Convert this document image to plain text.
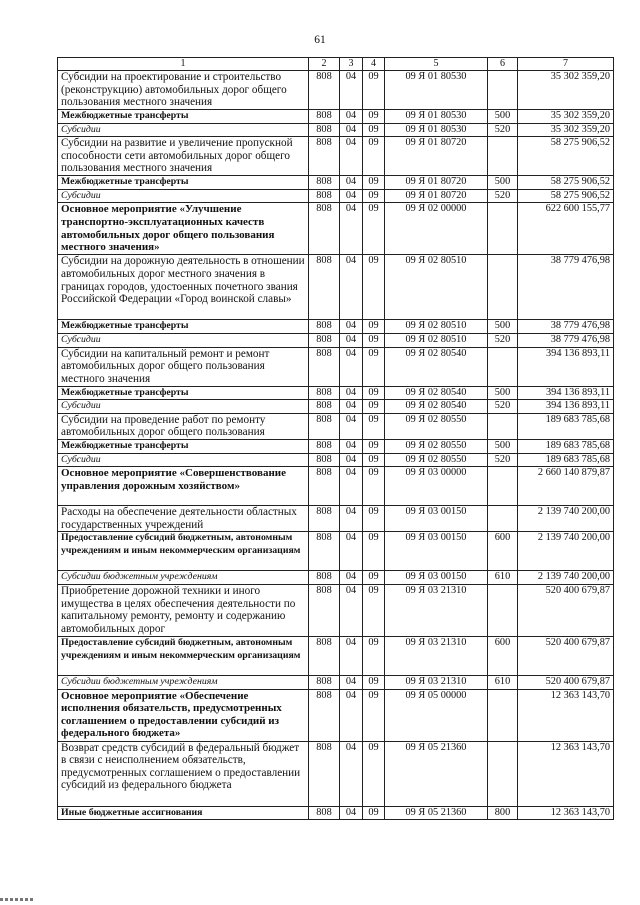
61
1	2	3	4	5	6	7
Субсидии на проектирование и строительство (реконструкцию) автомобильных дорог общего пользования местного значения	808	04	09	09 Я 01 80530		35 302 359,20
Межбюджетные трансферты	808	04	09	09 Я 01 80530	500	35 302 359,20
Субсидии	808	04	09	09 Я 01 80530	520	35 302 359,20
Субсидии на развитие и увеличение пропускной способности сети автомобильных дорог общего пользования местного значения	808	04	09	09 Я 01 80720		58 275 906,52
Межбюджетные трансферты	808	04	09	09 Я 01 80720	500	58 275 906,52
Субсидии	808	04	09	09 Я 01 80720	520	58 275 906,52
Основное мероприятие «Улучшение транспортно-эксплуатационных качеств автомобильных дорог общего пользования местного значения»	808	04	09	09 Я 02 00000		622 600 155,77
Субсидии на дорожную деятельность в отношении автомобильных дорог местного значения в границах городов, удостоенных почетного звания Российской Федерации «Город воинской славы»	808	04	09	09 Я 02 80510		38 779 476,98
Межбюджетные трансферты	808	04	09	09 Я 02 80510	500	38 779 476,98
Субсидии	808	04	09	09 Я 02 80510	520	38 779 476,98
Субсидии на капитальный ремонт и ремонт автомобильных дорог общего пользования местного значения	808	04	09	09 Я 02 80540		394 136 893,11
Межбюджетные трансферты	808	04	09	09 Я 02 80540	500	394 136 893,11
Субсидии	808	04	09	09 Я 02 80540	520	394 136 893,11
Субсидии на проведение работ по ремонту автомобильных дорог общего пользования	808	04	09	09 Я 02 80550		189 683 785,68
Межбюджетные трансферты	808	04	09	09 Я 02 80550	500	189 683 785,68
Субсидии	808	04	09	09 Я 02 80550	520	189 683 785,68
Основное мероприятие «Совершенствование управления дорожным хозяйством»	808	04	09	09 Я 03 00000		2 660 140 879,87
Расходы на обеспечение деятельности областных государственных учреждений	808	04	09	09 Я 03 00150		2 139 740 200,00
Предоставление субсидий бюджетным, автономным учреждениям и иным некоммерческим организациям	808	04	09	09 Я 03 00150	600	2 139 740 200,00
Субсидии бюджетным учреждениям	808	04	09	09 Я 03 00150	610	2 139 740 200,00
Приобретение дорожной техники и иного имущества в целях обеспечения деятельности по капитальному ремонту, ремонту и содержанию автомобильных дорог	808	04	09	09 Я 03 21310		520 400 679,87
Предоставление субсидий бюджетным, автономным учреждениям и иным некоммерческим организациям	808	04	09	09 Я 03 21310	600	520 400 679,87
Субсидии бюджетным учреждениям	808	04	09	09 Я 03 21310	610	520 400 679,87
Основное мероприятие «Обеспечение исполнения обязательств, предусмотренных соглашением о предоставлении субсидий из федерального бюджета»	808	04	09	09 Я 05 00000		12 363 143,70
Возврат средств субсидий в федеральный бюджет в связи с неисполнением обязательств, предусмотренных соглашением о предоставлении субсидий из федерального бюджета	808	04	09	09 Я 05 21360		12 363 143,70
Иные бюджетные ассигнования	808	04	09	09 Я 05 21360	800	12 363 143,70
